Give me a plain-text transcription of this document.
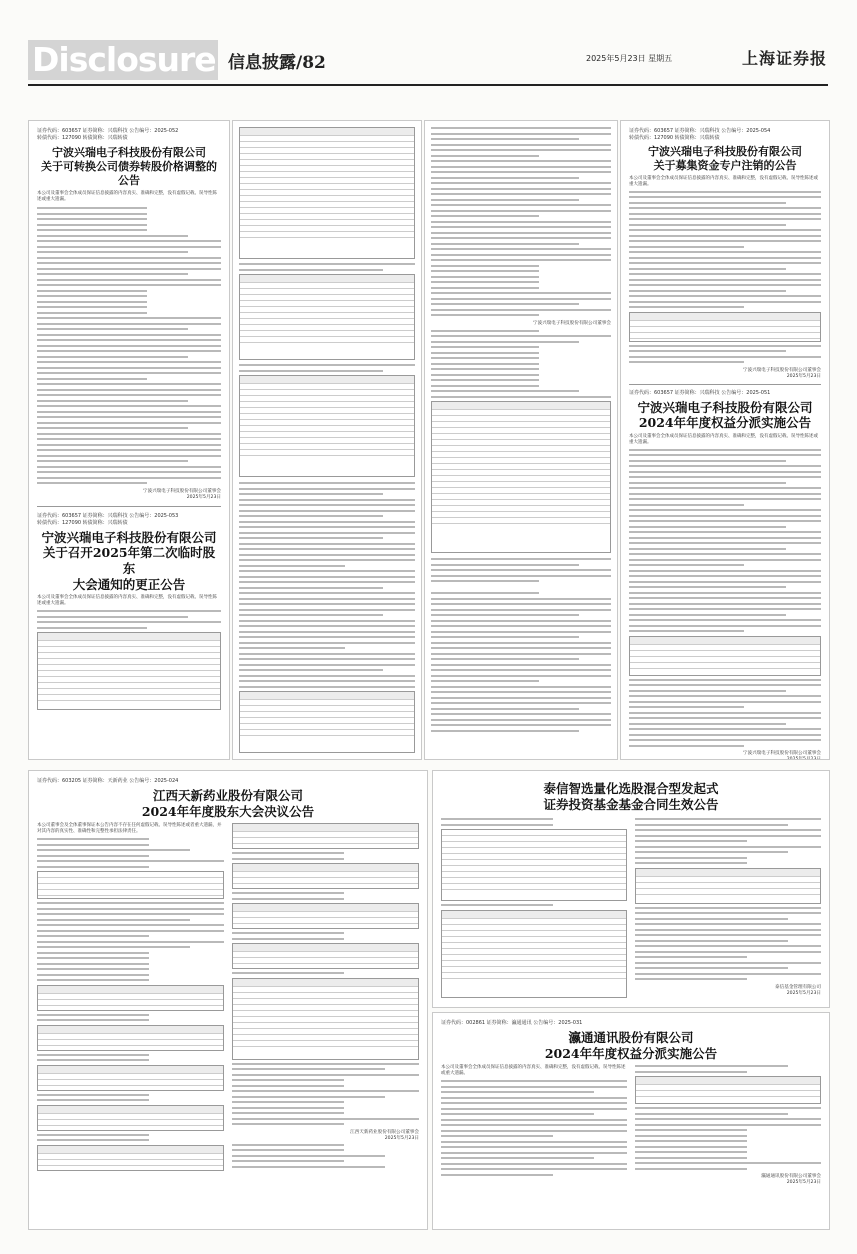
Disclosure 信息披露/82	2025年5月23日 星期五	上海证券报
证券代码：603657 证券简称：兴瑞科技 公告编号：2025-052
转债代码：127090 转债简称：兴瑞转债
宁波兴瑞电子科技股份有限公司
关于可转换公司债券转股价格调整的公告
本公司及董事会全体成员保证信息披露的内容真实、准确和完整，没有虚假记载、误导性陈述或重大遗漏。
宁波兴瑞电子科技股份有限公司董事会
2025年5月23日
证券代码：603657 证券简称：兴瑞科技 公告编号：2025-053
转债代码：127090 转债简称：兴瑞转债
宁波兴瑞电子科技股份有限公司
关于召开2025年第二次临时股东
大会通知的更正公告
本公司及董事会全体成员保证信息披露的内容真实、准确和完整，没有虚假记载、误导性陈述或重大遗漏。
宁波兴瑞电子科技股份有限公司董事会
证券代码：603657 证券简称：兴瑞科技 公告编号：2025-054
转债代码：127090 转债简称：兴瑞转债
宁波兴瑞电子科技股份有限公司
关于募集资金专户注销的公告
本公司及董事会全体成员保证信息披露的内容真实、准确和完整，没有虚假记载、误导性陈述或重大遗漏。
宁波兴瑞电子科技股份有限公司董事会
2025年5月23日
证券代码：603657 证券简称：兴瑞科技 公告编号：2025-051
宁波兴瑞电子科技股份有限公司
2024年年度权益分派实施公告
本公司及董事会全体成员保证信息披露的内容真实、准确和完整，没有虚假记载、误导性陈述或重大遗漏。
宁波兴瑞电子科技股份有限公司董事会
2025年5月23日
证券代码：603205 证券简称：天新药业 公告编号：2025-024
江西天新药业股份有限公司
2024年年度股东大会决议公告
本公司董事会及全体董事保证本公告内容不存在任何虚假记载、误导性陈述或者重大遗漏，并对其内容的真实性、准确性和完整性承担法律责任。
江西天新药业股份有限公司董事会
2025年5月23日
泰信智选量化选股混合型发起式
证券投资基金基金合同生效公告
泰信基金管理有限公司
2025年5月23日
证券代码：002861 证券简称：瀛通通讯 公告编号：2025-031
瀛通通讯股份有限公司
2024年年度权益分派实施公告
本公司及董事会全体成员保证信息披露的内容真实、准确和完整，没有虚假记载、误导性陈述或重大遗漏。
瀛通通讯股份有限公司董事会
2025年5月23日
